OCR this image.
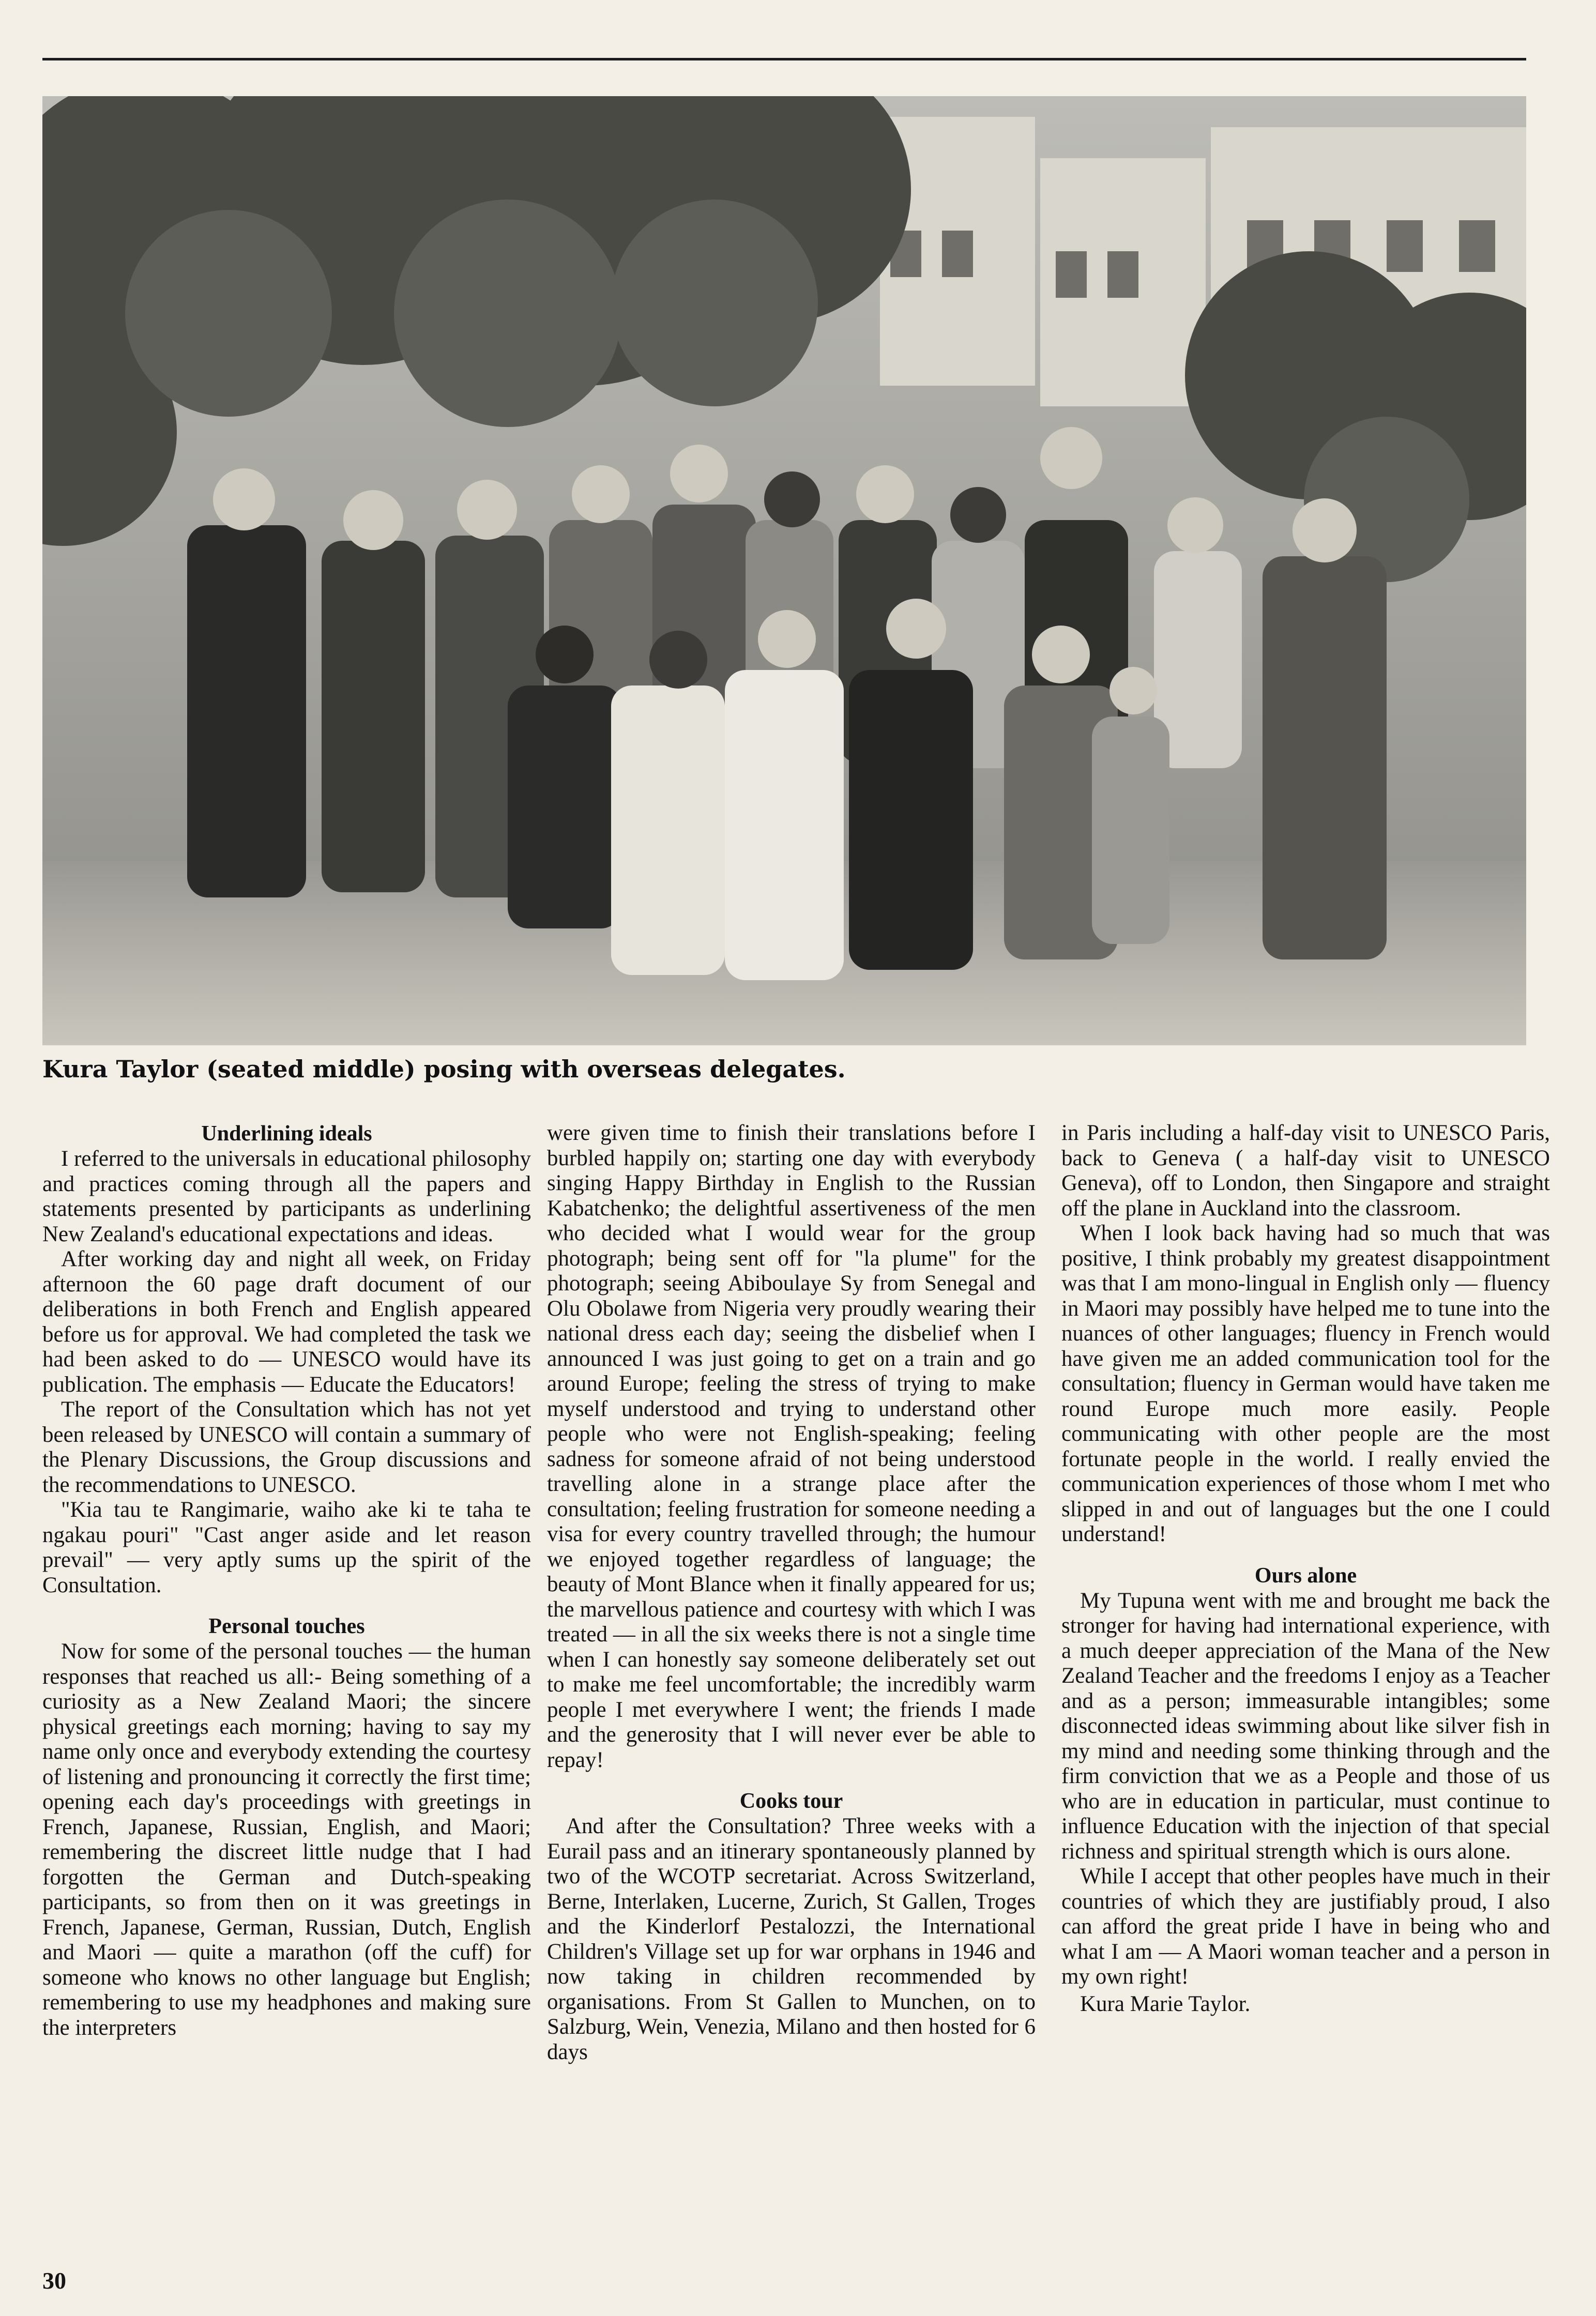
Kura Taylor (seated middle) posing with overseas delegates.

Underlining ideals

I referred to the universals in educational philosophy and practices coming through all the papers and statements presented by participants as underlining New Zealand's educational expectations and ideas.

After working day and night all week, on Friday afternoon the 60 page draft document of our deliberations in both French and English appeared before us for approval. We had completed the task we had been asked to do — UNESCO would have its publication. The emphasis — Educate the Educators!

The report of the Consultation which has not yet been released by UNESCO will contain a summary of the Plenary Discussions, the Group discussions and the recommendations to UNESCO.

"Kia tau te Rangimarie, waiho ake ki te taha te ngakau pouri" "Cast anger aside and let reason prevail" — very aptly sums up the spirit of the Consultation.

Personal touches

Now for some of the personal touches — the human responses that reached us all:- Being something of a curiosity as a New Zealand Maori; the sincere physical greetings each morning; having to say my name only once and everybody extending the courtesy of listening and pronouncing it correctly the first time; opening each day's proceedings with greetings in French, Japanese, Russian, English, and Maori; remembering the discreet little nudge that I had forgotten the German and Dutch-speaking participants, so from then on it was greetings in French, Japanese, German, Russian, Dutch, English and Maori — quite a marathon (off the cuff) for someone who knows no other language but English; remembering to use my headphones and making sure the interpreters

were given time to finish their translations before I burbled happily on; starting one day with everybody singing Happy Birthday in English to the Russian Kabatchenko; the delightful assertiveness of the men who decided what I would wear for the group photograph; being sent off for "la plume" for the photograph; seeing Abiboulaye Sy from Senegal and Olu Obolawe from Nigeria very proudly wearing their national dress each day; seeing the disbelief when I announced I was just going to get on a train and go around Europe; feeling the stress of trying to make myself understood and trying to understand other people who were not English-speaking; feeling sadness for someone afraid of not being understood travelling alone in a strange place after the consultation; feeling frustration for someone needing a visa for every country travelled through; the humour we enjoyed together regardless of language; the beauty of Mont Blance when it finally appeared for us; the marvellous patience and courtesy with which I was treated — in all the six weeks there is not a single time when I can honestly say someone deliberately set out to make me feel uncomfortable; the incredibly warm people I met everywhere I went; the friends I made and the generosity that I will never ever be able to repay!

Cooks tour

And after the Consultation? Three weeks with a Eurail pass and an itinerary spontaneously planned by two of the WCOTP secretariat. Across Switzerland, Berne, Interlaken, Lucerne, Zurich, St Gallen, Troges and the Kinderlorf Pestalozzi, the International Children's Village set up for war orphans in 1946 and now taking in children recommended by organisations. From St Gallen to Munchen, on to Salzburg, Wein, Venezia, Milano and then hosted for 6 days

in Paris including a half-day visit to UNESCO Paris, back to Geneva ( a half-day visit to UNESCO Geneva), off to London, then Singapore and straight off the plane in Auckland into the classroom.

When I look back having had so much that was positive, I think probably my greatest disappointment was that I am mono-lingual in English only — fluency in Maori may possibly have helped me to tune into the nuances of other languages; fluency in French would have given me an added communication tool for the consultation; fluency in German would have taken me round Europe much more easily. People communicating with other people are the most fortunate people in the world. I really envied the communication experiences of those whom I met who slipped in and out of languages but the one I could understand!

Ours alone

My Tupuna went with me and brought me back the stronger for having had international experience, with a much deeper appreciation of the Mana of the New Zealand Teacher and the freedoms I enjoy as a Teacher and as a person; immeasurable intangibles; some disconnected ideas swimming about like silver fish in my mind and needing some thinking through and the firm conviction that we as a People and those of us who are in education in particular, must continue to influence Education with the injection of that special richness and spiritual strength which is ours alone.

While I accept that other peoples have much in their countries of which they are justifiably proud, I also can afford the great pride I have in being who and what I am — A Maori woman teacher and a person in my own right!

Kura Marie Taylor.

30
